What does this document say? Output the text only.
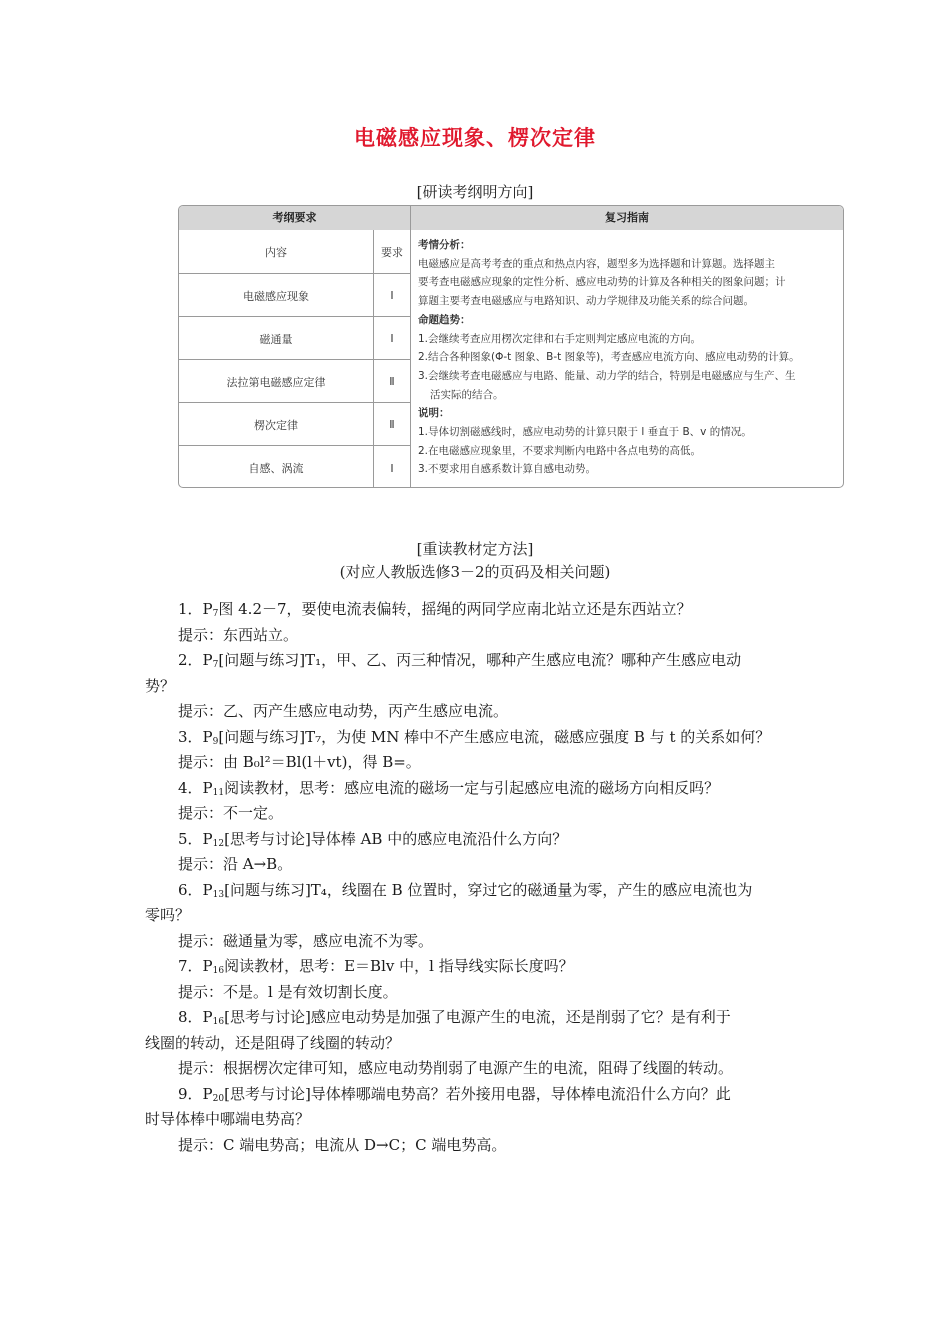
电磁感应现象、楞次定律
[研读考纲明方向]
考纲要求	复习指南
内容	要求
电磁感应现象	Ⅰ
磁通量	Ⅰ
法拉第电磁感应定律	Ⅱ
楞次定律	Ⅱ
自感、涡流	Ⅰ
考情分析：
电磁感应是高考考查的重点和热点内容，题型多为选择题和计算题。选择题主
要考查电磁感应现象的定性分析、感应电动势的计算及各种相关的图象问题；计
算题主要考查电磁感应与电路知识、动力学规律及功能关系的综合问题。
命题趋势：
1.会继续考查应用楞次定律和右手定则判定感应电流的方向。
2.结合各种图象(Φ-t 图象、B-t 图象等)，考查感应电流方向、感应电动势的计算。
3.会继续考查电磁感应与电路、能量、动力学的结合，特别是电磁感应与生产、生
活实际的结合。
说明：
1.导体切割磁感线时，感应电动势的计算只限于 l 垂直于 B、v 的情况。
2.在电磁感应现象里，不要求判断内电路中各点电势的高低。
3.不要求用自感系数计算自感电动势。
[重读教材定方法]
(对应人教版选修3－2的页码及相关问题)

1．$P_7$图 4.2－7，要使电流表偏转，摇绳的两同学应南北站立还是东西站立？

提示：东西站立。

2．$P_7$[问题与练习]T₁，甲、乙、丙三种情况，哪种产生感应电流？哪种产生感应电动

势？

提示：乙、丙产生感应电动势，丙产生感应电流。

3．$P_9$[问题与练习]T₇，为使 MN 棒中不产生感应电流，磁感应强度 B 与 t 的关系如何？

提示：由 B₀l²＝Bl(l＋vt)，得 B=。

4．$P_{11}$阅读教材，思考：感应电流的磁场一定与引起感应电流的磁场方向相反吗？

提示：不一定。

5．$P_{12}$[思考与讨论]导体棒 AB 中的感应电流沿什么方向？

提示：沿 A→B。

6．$P_{13}$[问题与练习]T₄，线圈在 B 位置时，穿过它的磁通量为零，产生的感应电流也为

零吗？

提示：磁通量为零，感应电流不为零。

7．$P_{16}$阅读教材，思考：E＝Blv 中，l 指导线实际长度吗？

提示：不是。l 是有效切割长度。

8．$P_{16}$[思考与讨论]感应电动势是加强了电源产生的电流，还是削弱了它？是有利于

线圈的转动，还是阻碍了线圈的转动？

提示：根据楞次定律可知，感应电动势削弱了电源产生的电流，阻碍了线圈的转动。

9．$P_{20}$[思考与讨论]导体棒哪端电势高？若外接用电器，导体棒电流沿什么方向？此

时导体棒中哪端电势高？

提示：C 端电势高；电流从 D→C；C 端电势高。
